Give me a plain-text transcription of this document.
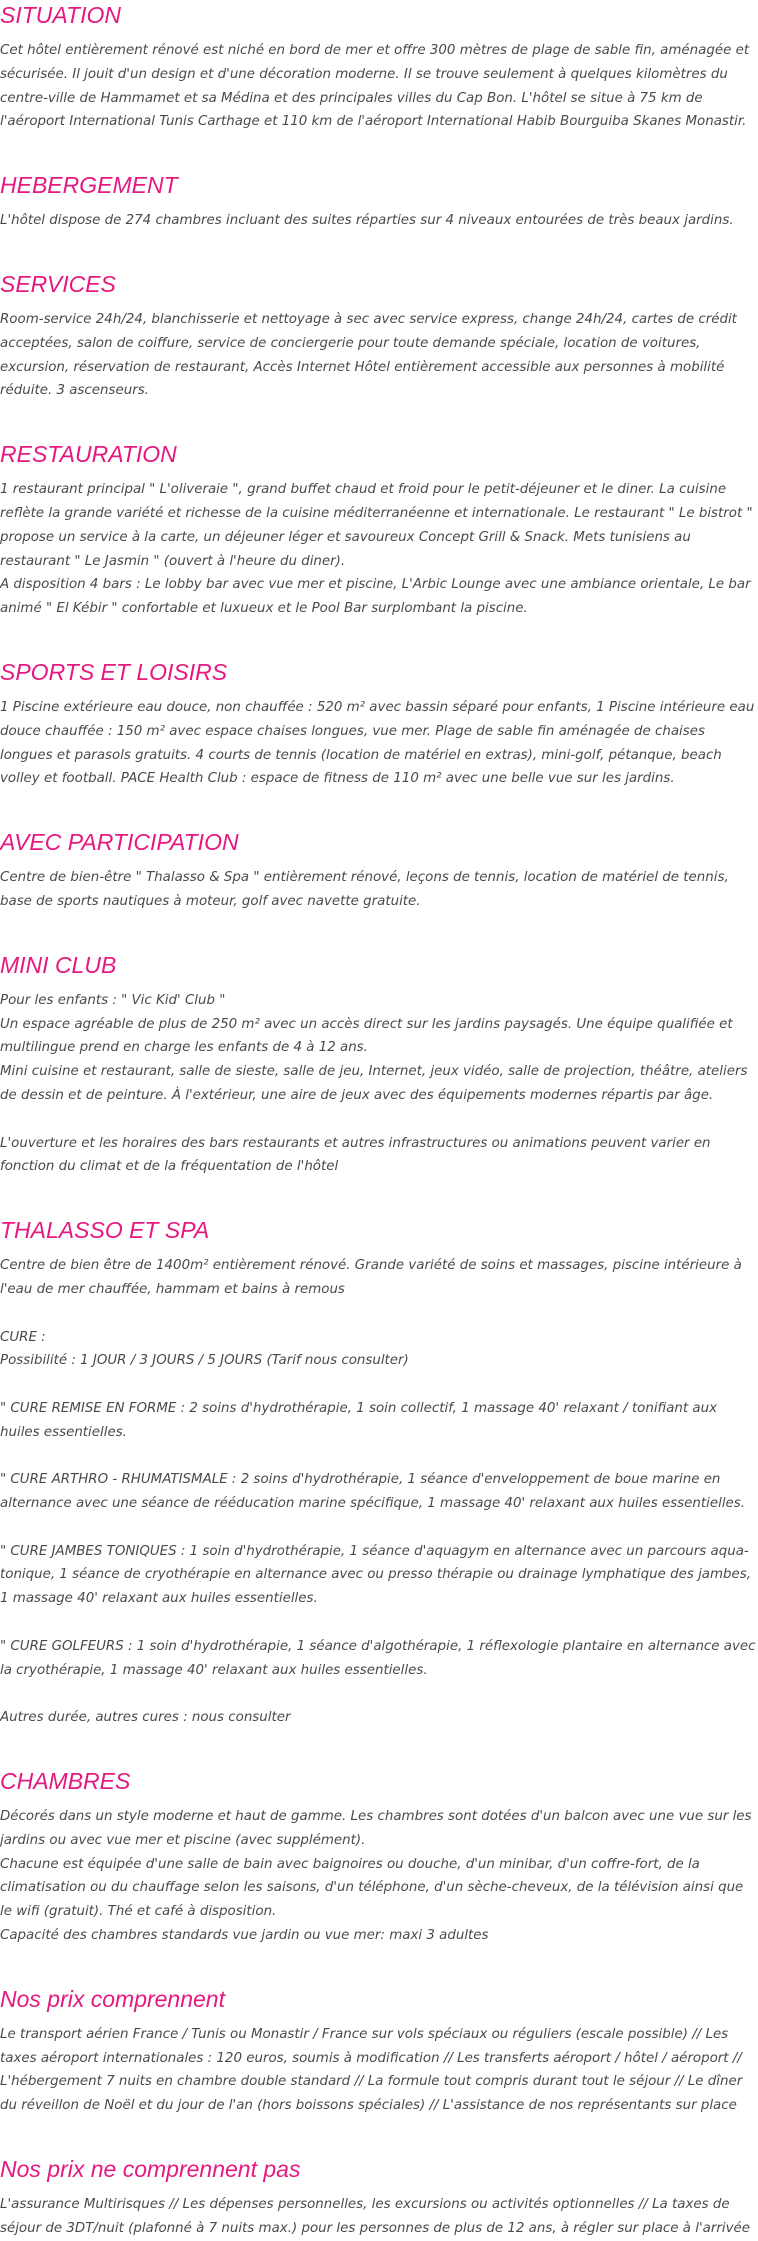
SITUATION

Cet hôtel entièrement rénové est niché en bord de mer et offre 300 mètres de plage de sable fin, aménagée et sécurisée. Il jouit d'un design et d'une décoration moderne. Il se trouve seulement à quelques kilomètres du centre-ville de Hammamet et sa Médina et des principales villes du Cap Bon. L'hôtel se situe à 75 km de l'aéroport International Tunis Carthage et 110 km de l'aéroport International Habib Bourguiba Skanes Monastir.

HEBERGEMENT

L'hôtel dispose de 274 chambres incluant des suites réparties sur 4 niveaux entourées de très beaux jardins.

SERVICES

Room-service 24h/24, blanchisserie et nettoyage à sec avec service express, change 24h/24, cartes de crédit acceptées, salon de coiffure, service de conciergerie pour toute demande spéciale, location de voitures, excursion, réservation de restaurant, Accès Internet Hôtel entièrement accessible aux personnes à mobilité réduite. 3 ascenseurs.

RESTAURATION

1 restaurant principal " L'oliveraie ", grand buffet chaud et froid pour le petit-déjeuner et le diner. La cuisine reflète la grande variété et richesse de la cuisine méditerranéenne et internationale. Le restaurant " Le bistrot " propose un service à la carte, un déjeuner léger et savoureux Concept Grill & Snack. Mets tunisiens au restaurant " Le Jasmin " (ouvert à l'heure du diner).

A disposition 4 bars : Le lobby bar avec vue mer et piscine, L'Arbic Lounge avec une ambiance orientale, Le bar animé " El Kébir " confortable et luxueux et le Pool Bar surplombant la piscine.

SPORTS ET LOISIRS

1 Piscine extérieure eau douce, non chauffée : 520 m² avec bassin séparé pour enfants, 1 Piscine intérieure eau douce chauffée : 150 m² avec espace chaises longues, vue mer. Plage de sable fin aménagée de chaises longues et parasols gratuits. 4 courts de tennis (location de matériel en extras), mini-golf, pétanque, beach volley et football. PACE Health Club : espace de fitness de 110 m² avec une belle vue sur les jardins.

AVEC PARTICIPATION

Centre de bien-être " Thalasso & Spa " entièrement rénové, leçons de tennis, location de matériel de tennis, base de sports nautiques à moteur, golf avec navette gratuite.

MINI CLUB

Pour les enfants : " Vic Kid' Club "

Un espace agréable de plus de 250 m² avec un accès direct sur les jardins paysagés. Une équipe qualifiée et multilingue prend en charge les enfants de 4 à 12 ans.

Mini cuisine et restaurant, salle de sieste, salle de jeu, Internet, jeux vidéo, salle de projection, théâtre, ateliers de dessin et de peinture. À l'extérieur, une aire de jeux avec des équipements modernes répartis par âge.

L'ouverture et les horaires des bars restaurants et autres infrastructures ou animations peuvent varier en fonction du climat et de la fréquentation de l'hôtel

THALASSO ET SPA

Centre de bien être de 1400m² entièrement rénové. Grande variété de soins et massages, piscine intérieure à l'eau de mer chauffée, hammam et bains à remous

CURE :

Possibilité : 1 JOUR / 3 JOURS / 5 JOURS (Tarif nous consulter)

" CURE REMISE EN FORME : 2 soins d'hydrothérapie, 1 soin collectif, 1 massage 40' relaxant / tonifiant aux huiles essentielles.

" CURE ARTHRO - RHUMATISMALE : 2 soins d'hydrothérapie, 1 séance d'enveloppement de boue marine en alternance avec une séance de rééducation marine spécifique, 1 massage 40' relaxant aux huiles essentielles.

" CURE JAMBES TONIQUES : 1 soin d'hydrothérapie, 1 séance d'aquagym en alternance avec un parcours aqua-tonique, 1 séance de cryothérapie en alternance avec ou presso thérapie ou drainage lymphatique des jambes, 1 massage 40' relaxant aux huiles essentielles.

" CURE GOLFEURS : 1 soin d'hydrothérapie, 1 séance d'algothérapie, 1 réflexologie plantaire en alternance avec la cryothérapie, 1 massage 40' relaxant aux huiles essentielles.

Autres durée, autres cures : nous consulter

CHAMBRES

Décorés dans un style moderne et haut de gamme. Les chambres sont dotées d'un balcon avec une vue sur les jardins ou avec vue mer et piscine (avec supplément).

Chacune est équipée d'une salle de bain avec baignoires ou douche, d'un minibar, d'un coffre-fort, de la climatisation ou du chauffage selon les saisons, d'un téléphone, d'un sèche-cheveux, de la télévision ainsi que le wifi (gratuit). Thé et café à disposition.

Capacité des chambres standards vue jardin ou vue mer: maxi 3 adultes

Nos prix comprennent

Le transport aérien France / Tunis ou Monastir / France sur vols spéciaux ou réguliers (escale possible) // Les taxes aéroport internationales : 120 euros, soumis à modification // Les transferts aéroport / hôtel / aéroport // L'hébergement 7 nuits en chambre double standard // La formule tout compris durant tout le séjour // Le dîner du réveillon de Noël et du jour de l'an (hors boissons spéciales) // L'assistance de nos représentants sur place

Nos prix ne comprennent pas

L'assurance Multirisques // Les dépenses personnelles, les excursions ou activités optionnelles // La taxes de séjour de 3DT/nuit (plafonné à 7 nuits max.) pour les personnes de plus de 12 ans, à régler sur place à l'arrivée
